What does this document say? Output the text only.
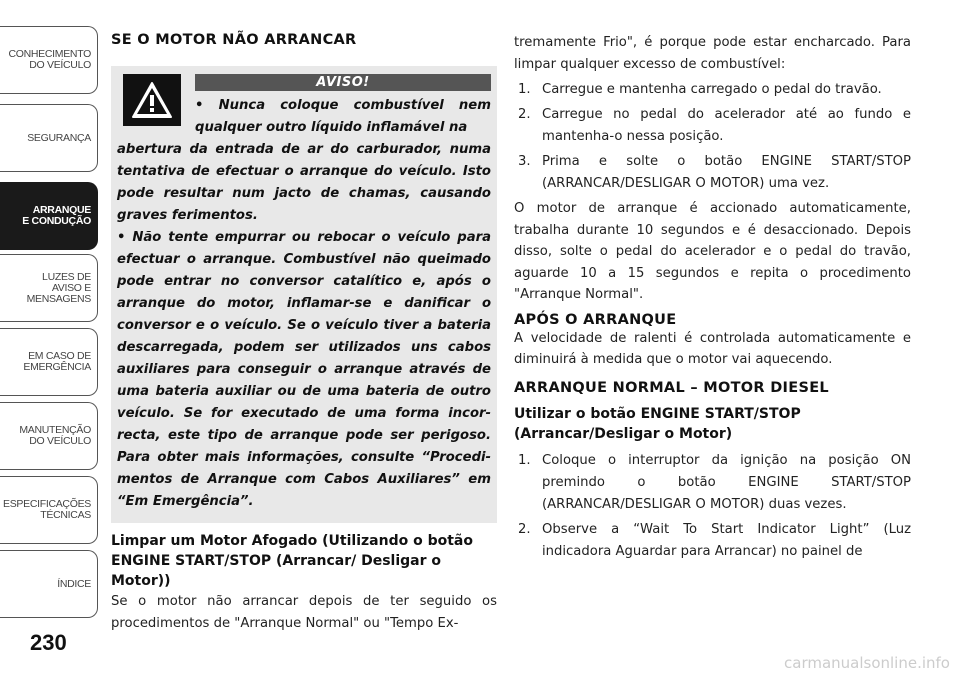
CONHECIMENTO
DO VEÍCULO
SEGURANÇA
ARRANQUE
E CONDUÇÃO
LUZES DE
AVISO E
MENSAGENS
EM CASO DE
EMERGÊNCIA
MANUTENÇÃO
DO VEÍCULO
ESPECIFICAÇÕES
TÉCNICAS
ÍNDICE
230
SE O MOTOR NÃO ARRANCAR
AVISO!
• Nunca coloque combustível nem qualquer outro líquido inflamável na
abertura da entrada de ar do carburador, numa tentativa de efectuar o arranque do veículo. Isto pode resultar num jacto de chamas, causando graves ferimentos.
• Não tente empurrar ou rebocar o veículo para efectuar o arranque. Combustível não queimado pode entrar no conversor catalítico e, após o arranque do motor, inflamar-se e danificar o conversor e o veículo. Se o veículo tiver a bateria descarregada, podem ser utilizados uns cabos auxiliares para conseguir o arranque através de uma bateria auxiliar ou de uma bateria de outro veículo. Se for executado de uma forma incor-recta, este tipo de arranque pode ser perigoso. Para obter mais informações, consulte “Procedi-mentos de Arranque com Cabos Auxiliares” em “Em Emergência”.
Limpar um Motor Afogado (Utilizando o botão ENGINE START/STOP (Arrancar/ Desligar o Motor))
Se o motor não arrancar depois de ter seguido os procedimentos de "Arranque Normal" ou "Tempo Ex-
tremamente Frio", é porque pode estar encharcado. Para limpar qualquer excesso de combustível:
1. Carregue e mantenha carregado o pedal do travão.
2. Carregue no pedal do acelerador até ao fundo e mantenha-o nessa posição.
3. Prima e solte o botão ENGINE START/STOP (ARRANCAR/DESLIGAR O MOTOR) uma vez.
O motor de arranque é accionado automaticamente, trabalha durante 10 segundos e é desaccionado. Depois disso, solte o pedal do acelerador e o pedal do travão, aguarde 10 a 15 segundos e repita o procedimento "Arranque Normal".
APÓS O ARRANQUE
A velocidade de ralenti é controlada automaticamente e diminuirá à medida que o motor vai aquecendo.
ARRANQUE NORMAL – MOTOR DIESEL
Utilizar o botão ENGINE START/STOP (Arrancar/Desligar o Motor)
1. Coloque o interruptor da ignição na posição ON premindo o botão ENGINE START/STOP (ARRANCAR/DESLIGAR O MOTOR) duas vezes.
2. Observe a “Wait To Start Indicator Light” (Luz indicadora Aguardar para Arrancar) no painel de
carmanualsonline.info
